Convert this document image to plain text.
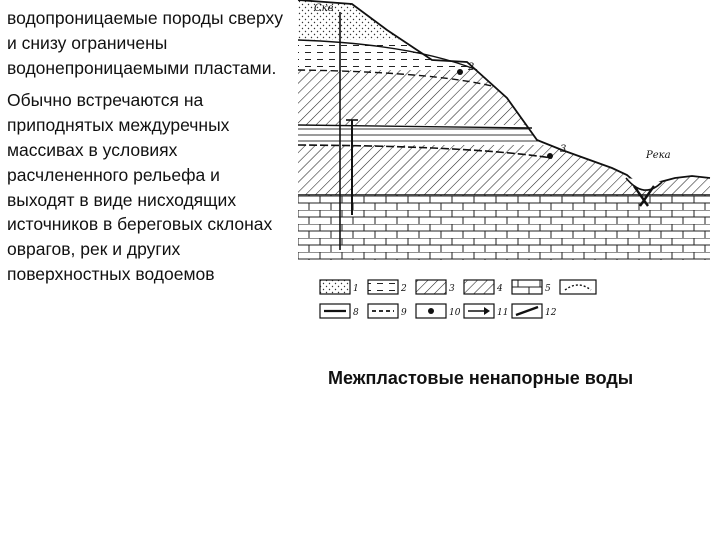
водопроницаемые породы сверху и снизу ограничены водонепроницаемыми пластами.

Обычно встречаются на приподнятых междуречных массивах в условиях расчлененного рельефа и выходят в виде нисходящих источников в береговых склонах оврагов, рек и других поверхностных водоемов

Скв
2
3
Река
1	2	3	4	5
8	9	10	11	12
Межпластовые ненапорные воды
